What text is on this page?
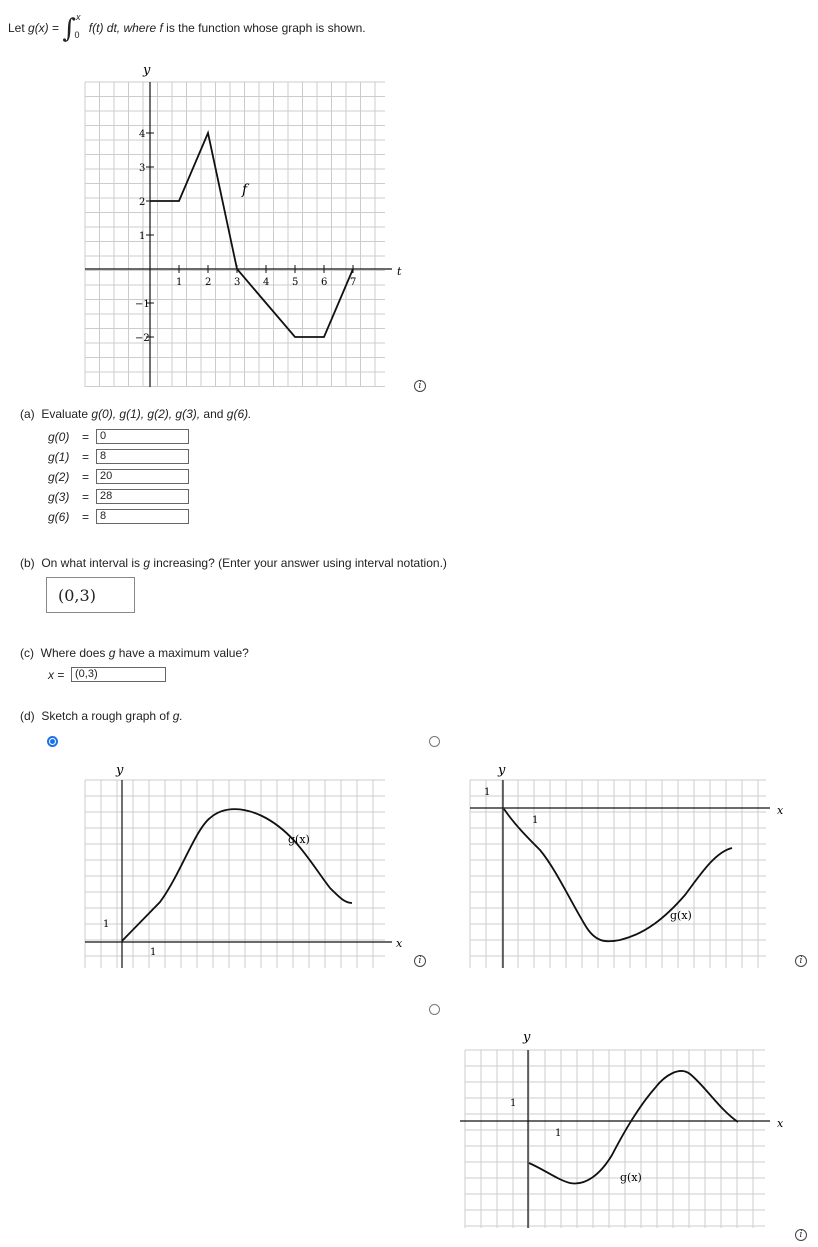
Let g(x) = ∫$^x_0$ f(t) dt, where f is the function whose graph is shown.
1 2 3 4 5 6 7
4
3
2
1
−1
−2
y
t
f
i
(a) Evaluate g(0), g(1), g(2), g(3), and g(6).
g(0) = 0
g(1) = 8
g(2) = 20
g(3) = 28
g(6) = 8
(b) On what interval is g increasing? (Enter your answer using interval notation.)
(0,3)
(c) Where does g have a maximum value?
x = (0,3)
(d) Sketch a rough graph of g.
y
x
g(x)
1
1
y
x
g(x)
1
1
y
x
g(x)
1
1
i	i
i
